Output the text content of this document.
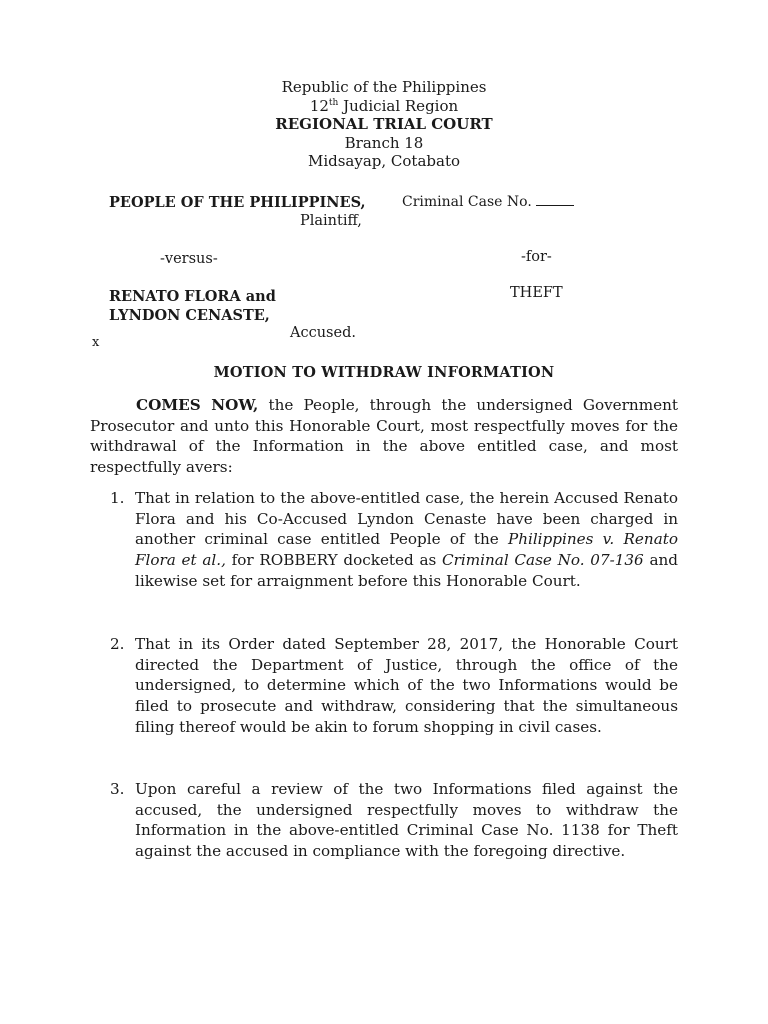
Republic of the Philippines
12th Judicial Region
REGIONAL TRIAL COURT
Branch 18
Midsayap, Cotabato
PEOPLE OF THE PHILIPPINES,
Plaintiff,
-versus-
RENATO FLORA and
LYNDON CENASTE,
Accused.
x
Criminal Case No.
-for-
THEFT
MOTION TO WITHDRAW INFORMATION
COMES NOW, the People, through the undersigned Government Prosecutor and unto this Honorable Court, most respectfully moves for the withdrawal of the Information in the above entitled case, and most respectfully avers:
1. That in relation to the above-entitled case, the herein Accused Renato Flora and his Co-Accused Lyndon Cenaste have been charged in another criminal case entitled People of the Philippines v. Renato Flora et al., for ROBBERY docketed as Criminal Case No. 07-136 and likewise set for arraignment before this Honorable Court.
2. That in its Order dated September 28, 2017, the Honorable Court directed the Department of Justice, through the office of the undersigned, to determine which of the two Informations would be filed to prosecute and withdraw, considering that the simultaneous filing thereof would be akin to forum shopping in civil cases.
3. Upon careful a review of the two Informations filed against the accused, the undersigned respectfully moves to withdraw the Information in the above-entitled Criminal Case No. 1138 for Theft against the accused in compliance with the foregoing directive.
